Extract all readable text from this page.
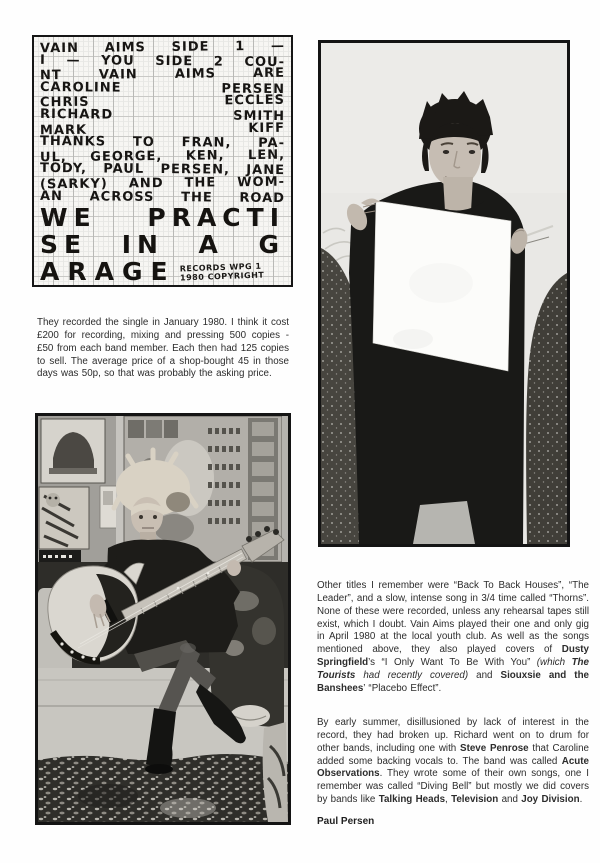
VAIN AIMS SIDE 1 —
I — YOU SIDE 2 COU-
NT VAIN AIMS ARE
CAROLINE PERSEN
CHRIS ECCLES
RICHARD SMITH
MARK KIFF
THANKS TO FRAN, PA-
UL, GEORGE, KEN, LEN,
TODY, PAUL PERSEN, JANE
(SARKY) AND THE WOM-
AN ACROSS THE ROAD
WE PRACTI
SE IN A G
ARAGE RECORDS WPG 1
1980 COPYRIGHT

They recorded the single in January 1980. I think it cost £200 for recording, mixing and pressing 500 copies - £50 from each band member. Each then had 125 copies to sell. The average price of a shop-bought 45 in those days was 50p, so that was probably the asking price.

Other titles I remember were “Back To Back Houses”, “The Leader”, and a slow, intense song in 3/4 time called “Thorns”. None of these were recorded, unless any rehearsal tapes still exist, which I doubt. Vain Aims played their one and only gig in April 1980 at the local youth club. As well as the songs mentioned above, they also played covers of Dusty Springfield’s “I Only Want To Be With You” (which The Tourists had recently covered) and Siouxsie and the Banshees’ “Placebo Effect”.

By early summer, disillusioned by lack of interest in the record, they had broken up. Richard went on to drum for other bands, including one with Steve Penrose that Caroline added some backing vocals to. The band was called Acute Observations. They wrote some of their own songs, one I remember was called “Diving Bell” but mostly we did covers by bands like Talking Heads, Television and Joy Division.

Paul Persen
